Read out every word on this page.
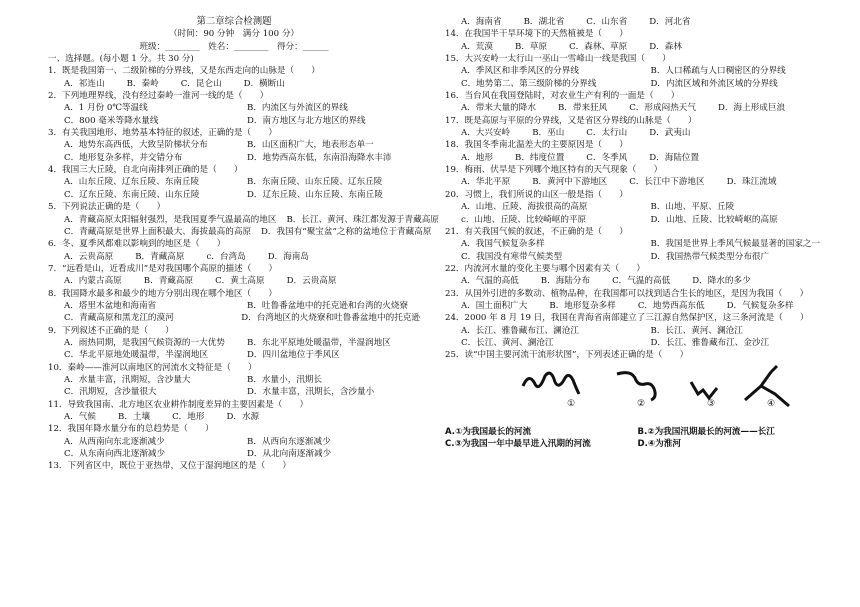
第二章综合检测题
（时间：90 分钟　满分 100 分）
班级：________　姓名：________　得分：______
一、选择题。(每小题 1 分。共 30 分)
1．既是我国第一、二级阶梯的分界线，又是东西走向的山脉是（　　）
A．祁连山	B．秦岭	C．昆仑山	D．横断山
2．下列地理界线，没有经过秦岭一淮河一线的是（　　）
A．1 月份 0℃等温线	B．内流区与外流区的界线
C．800 毫米等降水量线	D．南方地区与北方地区的界线
3．有关我国地形、地势基本特征的叙述，正确的是（　　）
A．地势东高西低，大致呈阶梯状分布	B．山区面积广大，地表形态单一
C．地形复杂多样，并交错分布	D．地势西高东低，东南沿海降水丰沛
4．我国三大丘陵，自北向南排列正确的是（　　）
A．山东丘陵、辽东丘陵、东南丘陵	B．东南丘陵、山东丘陵、辽东丘陵
C．辽东丘陵、东南丘陵、山东丘陵	D．辽东丘陵、山东丘陵、东南丘陵
5．下列说法正确的是（　　）
A．青藏高原太阳辐射强烈，是我国夏季气温最高的地区 B．长江、黄河、珠江都发源于青藏高原
C．青藏高原是世界上面积最大、海拔最高的高原 D．我国有“聚宝盆”之称的盆地位于青藏高原
6．冬、夏季风都难以影响到的地区是（　　）
A．云贵高原	B．青藏高原	c．台湾岛	D．海南岛
7．“远看是山，近看成川”是对我国哪个高原的描述（　　）
A．内蒙古高原	B．青藏高原	C．黄土高原	D．云贵高原
8．我国降水最多和最少的地方分别出现在哪个地区（　　）
A．塔里木盆地和海南省	B．吐鲁番盆地中的托克逊和台湾的火烧寮
C．青藏高原和黑龙江的漠河	D．台湾地区的火烧寮和吐鲁番盆地中的托克逊
9．下列叙述不正确的是（　　）
A．雨热同期，是我国气候资源的一大优势	B．东北平原地处暖温带，半湿润地区
C．华北平原地处暖温带，半湿润地区	D．四川盆地位于季风区
10．秦岭——淮河以南地区的河流水文特征是（　　）
A．水量丰富，汛期短，含沙量大	B．水量小，汛期长
C．汛期短，含沙量很大	D．水量丰富，汛期长，含沙量小
11．导致我国南、北方地区农业耕作制度差异的主要因素是（　　）
A．气候	B．土壤	C．地形	D．水源
12．我国年降水量分布的总趋势是（　　）
A．从西南向东北逐渐减少	B．从西向东逐渐减少
C．从东南向西北逐渐减少	D．从北向南逐渐减少
13．下列省区中，既位于亚热带，又位于湿润地区的是（　　）
A．海南省	B．湖北省	C．山东省	D．河北省
14．在我国半干旱环境下的天然植被是（　　）
A．荒漠	B．草原	C．森林、草原	D．森林
15．大兴安岭一太行山一巫山一雪峰山一线是我国（　　）
A．季风区和非季风区的分界线	B．人口稀疏与人口稠密区的分界线
C．地势第二、第三级阶梯的分界线	D．内流区域和外流区域的分界线
16．当台风在我国登陆时，对农业生产有利的一面是（　　）
A．带来大量的降水	B．带来狂风	C．形成闷热天气	D．海上形成巨浪
17．既是高原与平原的分界线，又是省区分界线的山脉是（　　）
A．大兴安岭	B．巫山	C．太行山	D．武夷山
18．我国冬季南北温差大的主要原因是（　　）
A．地形	B．纬度位置	C．冬季风	D．海陆位置
19．梅雨、伏旱是下列哪个地区特有的天气现象（　　）
A．华北平原	B．黄河中下游地区	C．长江中下游地区	D．珠江流域
20．习惯上，我们所说的山区一般是指（　　）
A．山地、丘陵、海拔很高的高原	B．山地、平原、丘陵
c．山地、丘陵、比较崎岖的平原	D．山地、丘陵、比较崎岖的高原
21．有关我国气候的叙述，不正确的是（　　）
A．我国气候复杂多样	B．我国是世界上季风气候最显著的国家之一
C．我国没有寒带气候类型	D．我国热带气候类型分布很广
22．内流河水量的变化主要与哪个因素有关（　　）
A．气温的高低	B．海陆分布	C．气温的高低	D．降水的多少
23．从国外引进的多数动、植物品种，在我国都可以找到适合生长的地区，是因为我国（　　）
A．国土面积广大	B．地形复杂多样	C．地势西高东低	D．气候复杂多样
24．2000 年 8 月 19 日，我国在青海省南部建立了三江源自然保护区，这三条河流是（　　）
A．长江、雅鲁藏布江、澜沧江	B．长江、黄河、澜沧江
C．长江、黄河、澜沧江	D．长江、雅鲁藏布江、金沙江
25．读“中国主要河流干流形状图”，下列表述正确的是（　　）
①	②	③	④
A.①为我国最长的河流	B.②为我国汛期最长的河流——长江
C.③为我国一年中最早进入汛期的河流	D.④为淮河
